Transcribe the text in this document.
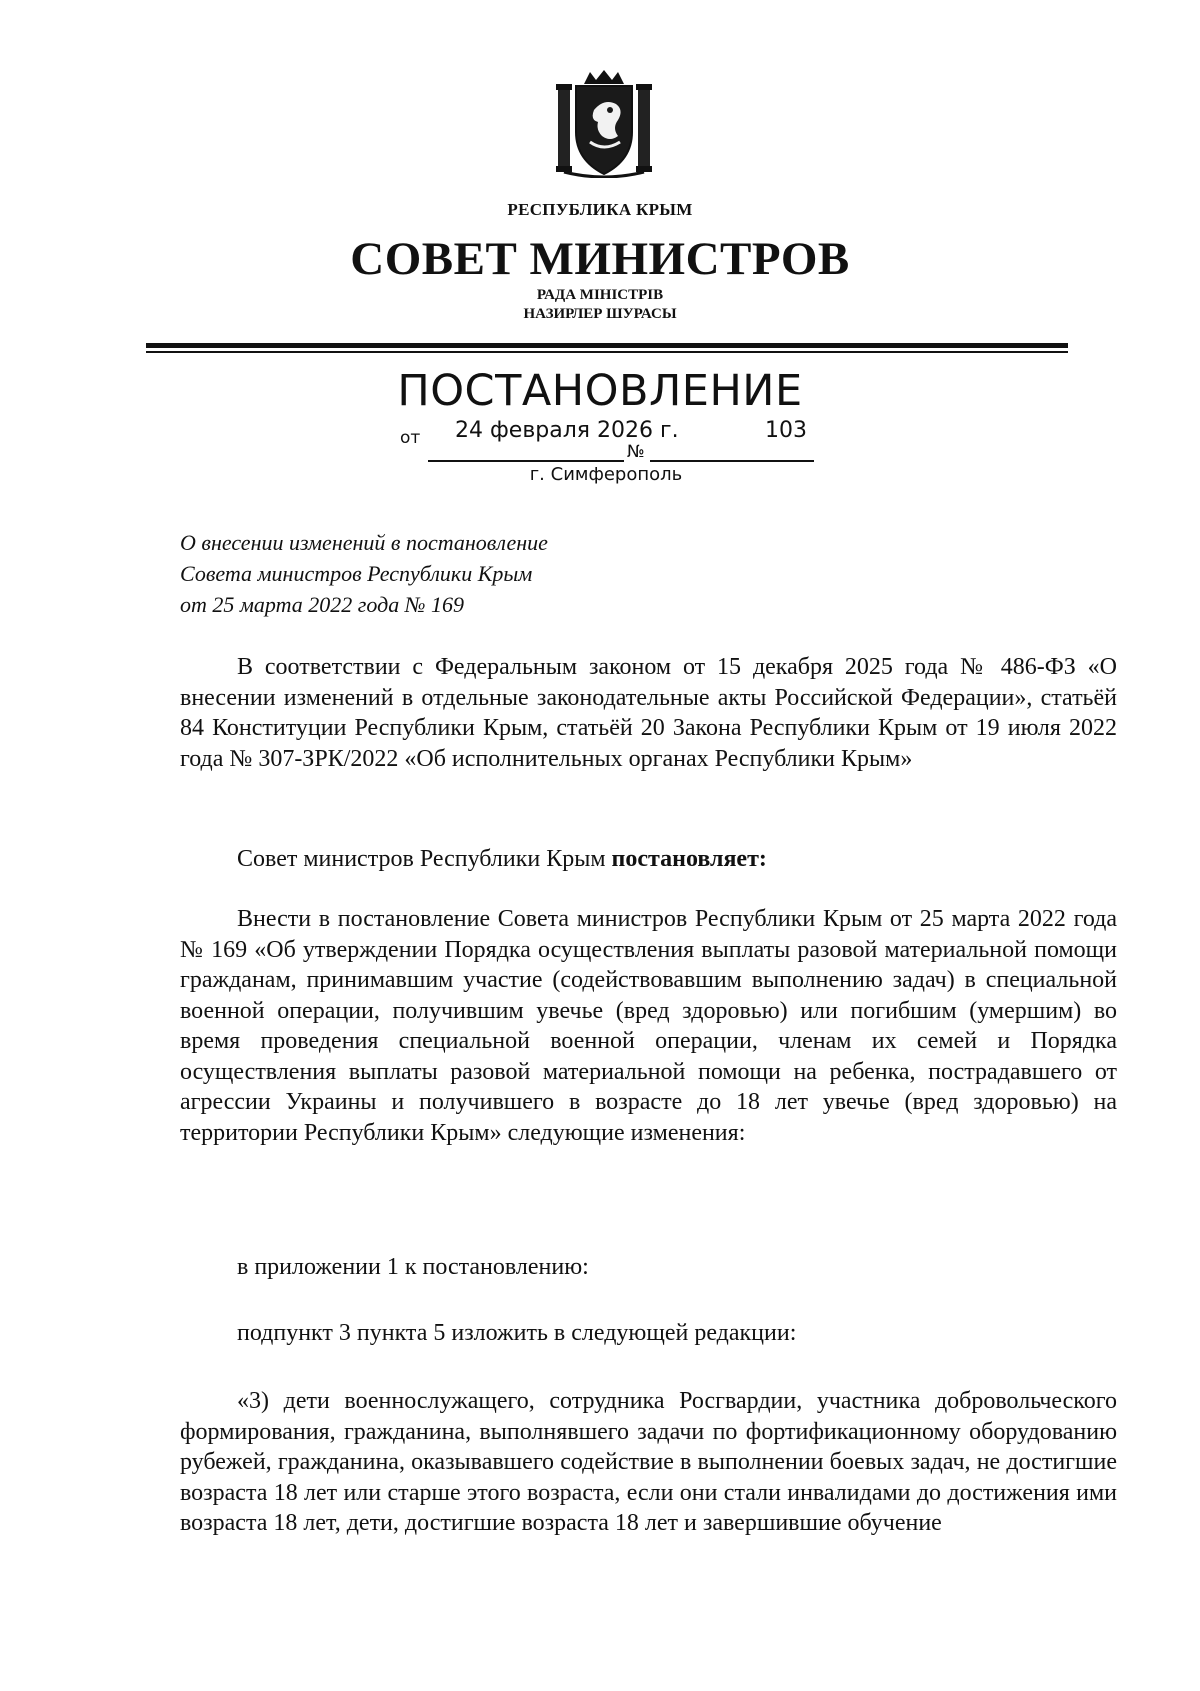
РЕСПУБЛИКА КРЫМ
СОВЕТ МИНИСТРОВ
РАДА МІНІСТРІВ
НАЗИРЛЕР ШУРАСЫ
ПОСТАНОВЛЕНИЕ
от 24 февраля 2026 г.
№
103
г. Симферополь
О внесении изменений в постановление
Совета министров Республики Крым
от 25 марта 2022 года № 169

В соответствии с Федеральным законом от 15 декабря 2025 года № 486-ФЗ «О внесении изменений в отдельные законодательные акты Российской Федерации», статьёй 84 Конституции Республики Крым, статьёй 20 Закона Республики Крым от 19 июля 2022 года № 307-ЗРК/2022 «Об исполнительных органах Республики Крым»

Совет министров Республики Крым постановляет:

Внести в постановление Совета министров Республики Крым от 25 марта 2022 года № 169 «Об утверждении Порядка осуществления выплаты разовой материальной помощи гражданам, принимавшим участие (содействовавшим выполнению задач) в специальной военной операции, получившим увечье (вред здоровью) или погибшим (умершим) во время проведения специальной военной операции, членам их семей и Порядка осуществления выплаты разовой материальной помощи на ребенка, пострадавшего от агрессии Украины и получившего в возрасте до 18 лет увечье (вред здоровью) на территории Республики Крым» следующие изменения:

в приложении 1 к постановлению:

подпункт 3 пункта 5 изложить в следующей редакции:

«3) дети военнослужащего, сотрудника Росгвардии, участника добровольческого формирования, гражданина, выполнявшего задачи по фортификационному оборудованию рубежей, гражданина, оказывавшего содействие в выполнении боевых задач, не достигшие возраста 18 лет или старше этого возраста, если они стали инвалидами до достижения ими возраста 18 лет, дети, достигшие возраста 18 лет и завершившие обучение
